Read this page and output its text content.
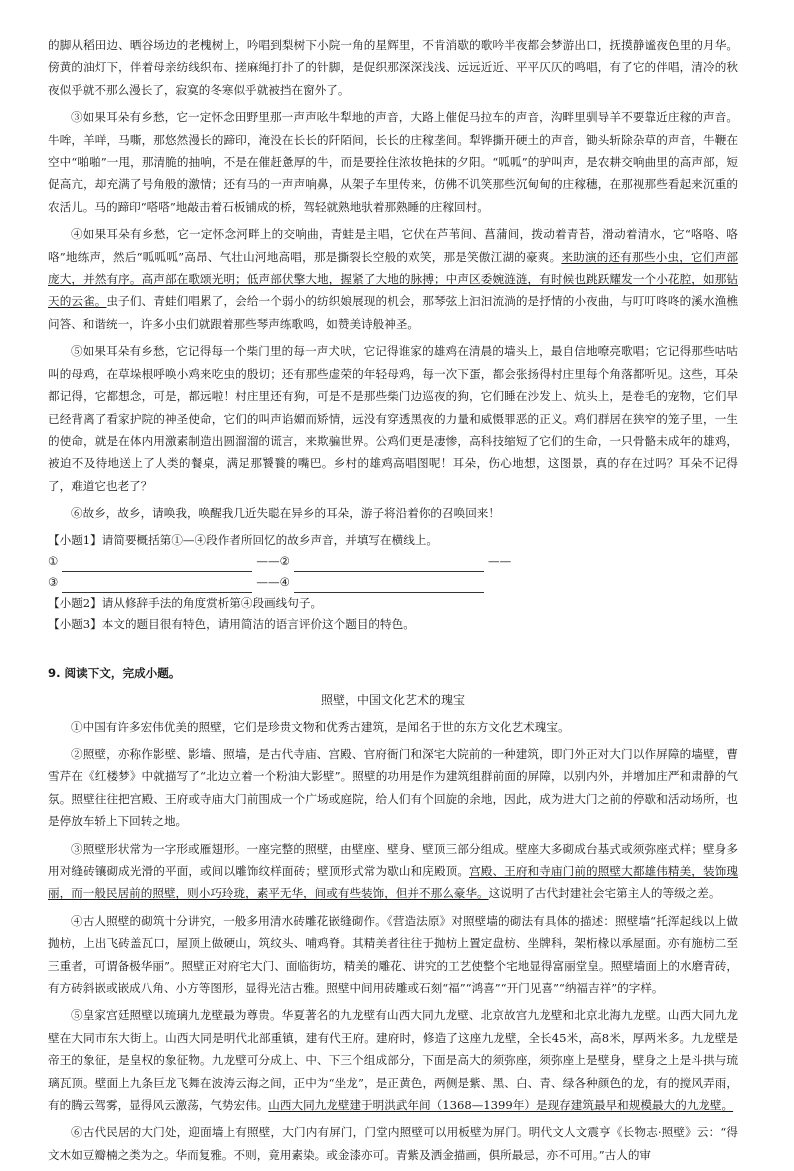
的脚从稻田边、晒谷场边的老槐树上，吟唱到梨树下小院一角的星辉里，不肯消歇的歌吟半夜都会梦游出口，抚摸静谧夜色里的月华。傍黄的油灯下，伴着母亲纺线织布、搓麻绳打扑了的针脚，是促织那深深浅浅、远远近近、平平仄仄的鸣唱，有了它的伴唱，清冷的秋夜似乎就不那么漫长了，寂寞的冬寒似乎就被挡在窗外了。

③如果耳朵有乡愁，它一定怀念田野里那一声声吆牛犁地的声音，大路上催促马拉车的声音，沟畔里驯导羊不要靠近庄稼的声音。牛哞，羊咩，马嘶，那悠然漫长的蹄印，淹没在长长的阡陌间，长长的庄稼垄间。犁铧撕开硬土的声音，锄头斩除杂草的声音，牛鞭在空中“啪啪”一甩，那清脆的抽响，不是在催赶惫厚的牛，而是要拴住浓妆艳抹的夕阳。“呱呱”的驴叫声，是农耕交响曲里的高声部，短促高亢，却充满了号角般的激情；还有马的一声声响鼻，从架子车里传来，仿佛不讥笑那些沉甸甸的庄稼穗，在那视那些看起来沉重的农活儿。马的蹄印“嗒嗒”地敲击着石板铺成的桥，驾轻就熟地驮着那熟睡的庄稼回村。

④如果耳朵有乡愁，它一定怀念河畔上的交响曲，青蛙是主唱，它伏在芦苇间、菖蒲间，拨动着青苔，滑动着清水，它“咯咯、咯咯”地练声，然后“呱呱呱”高昂、气壮山河地高唱，那是撕裂长空般的欢笑，那是笑傲江湖的豪爽。来助演的还有那些小虫，它们声部庞大，并然有序。高声部在歌颂光明；低声部伏擎大地，握紧了大地的脉搏；中声区委婉涟涟，有时候也跳跃耀发一个小花腔，如那钻天的云雀。虫子们、青蛙们唱累了，会给一个弱小的纺织娘展现的机会，那琴弦上汩汩流淌的是抒情的小夜曲，与叮叮咚咚的溪水渔樵问答、和谐统一，许多小虫们就跟着那些琴声练歌鸣，如赞美诗般神圣。

⑤如果耳朵有乡愁，它记得每一个柴门里的每一声犬吠，它记得谁家的雄鸡在清晨的墙头上，最自信地嘹亮歌唱；它记得那些咕咕叫的母鸡，在草垛根呼唤小鸡来吃虫的殷切；还有那些虚荣的年轻母鸡，每一次下蛋，都会张扬得村庄里每个角落都听见。这些，耳朵都记得，它都想念，可是，都远啦！村庄里还有狗，可是不是那些柴门边巡夜的狗，它们睡在沙发上、炕头上，是卷毛的宠物，它们早已经背离了看家护院的神圣使命，它们的叫声谄媚而矫情，远没有穿透黑夜的力量和威慑罪恶的正义。鸡们群居在狭窄的笼子里，一生的使命，就是在体内用激素制造出圆溜溜的谎言，来欺骗世界。公鸡们更是凄惨，高科技缩短了它们的生命，一只骨骼未成年的雄鸡，被迫不及待地送上了人类的餐桌，满足那饕餮的嘴巴。乡村的雄鸡高唱图呢！耳朵，伤心地想，这图景，真的存在过吗？耳朵不记得了，难道它也老了？

⑥故乡，故乡，请唤我，唤醒我几近失聪在异乡的耳朵，游子将沿着你的召唤回来！

【小题1】请简要概括第①—④段作者所回忆的故乡声音，并填写在横线上。

①	——②	——
③	——④

【小题2】请从修辞手法的角度赏析第④段画线句子。

【小题3】本文的题目很有特色，请用简洁的语言评价这个题目的特色。

9. 阅读下文，完成小题。

照壁，中国文化艺术的瑰宝

①中国有许多宏伟优美的照壁，它们是珍贵文物和优秀古建筑，是闻名于世的东方文化艺术瑰宝。

②照壁，亦称作影壁、影墙、照墙，是古代寺庙、宫殿、官府衙门和深宅大院前的一种建筑，即门外正对大门以作屏障的墙壁，曹雪芹在《红楼梦》中就描写了“北边立着一个粉油大影壁”。照壁的功用是作为建筑组群前面的屏障，以别内外，并增加庄严和肃静的气氛。照壁往往把宫殿、王府或寺庙大门前围成一个广场或庭院，给人们有个回旋的余地，因此，成为进大门之前的停歇和活动场所，也是停放车轿上下回转之地。

③照壁形状常为一字形或雁翅形。一座完整的照壁，由壁座、壁身、壁顶三部分组成。壁座大多砌成台基式或须弥座式样；壁身多用对缝砖镶砌成光滑的平面，或间以雕饰纹样面砖；壁顶形式常为歇山和庑殿顶。宫殿、王府和寺庙门前的照壁大都雄伟精美，装饰瑰丽，而一般民居前的照壁，则小巧玲珑，素平无华，间或有些装饰，但并不那么豪华。这说明了古代封建社会宅第主人的等级之差。

④古人照壁的砌筑十分讲究，一般多用清水砖雕花嵌缝砌作。《营造法原》对照壁墙的砌法有具体的描述：照壁墙“托浑起线以上做抛枋，上出飞砖盖瓦口，屋顶上做硬山，筑纹头、哺鸡脊。其精美者往往于抛枋上置定盘枋、坐牌科，架桁椽以承屋面。亦有施枋二至三重者，可谓备极华丽”。照壁正对府宅大门、面临街坊，精美的雕花、讲究的工艺使整个宅地显得富丽堂皇。照壁墙面上的水磨青砖，有方砖斜嵌或嵌成八角、小方等图形，显得光洁古雅。照壁中间用砖雕或石刻“福”“鸿喜”“开门见喜”“纳福吉祥”的字样。

⑤皇家宫廷照壁以琉璃九龙壁最为尊贵。华夏著名的九龙壁有山西大同九龙壁、北京故宫九龙壁和北京北海九龙壁。山西大同九龙壁在大同市东大街上。山西大同是明代北部重镇，建有代王府。建府时，修造了这座九龙壁，全长45米，高8米，厚两米多。九龙壁是帝王的象征，是皇权的象征物。九龙壁可分成上、中、下三个组成部分，下面是高大的须弥座，须弥座上是壁身，壁身之上是斗拱与琉璃瓦顶。壁面上九条巨龙飞舞在波涛云海之间，正中为“坐龙”，是正黄色，两侧是紫、黑、白、青、绿各种颜色的龙，有的搅风弄雨，有的腾云驾雾，显得风云激荡，气势宏伟。山西大同九龙壁建于明洪武年间（1368—1399年）是现存建筑最早和规模最大的九龙壁。

⑥古代民居的大门处，迎面墙上有照壁，大门内有屏门，门堂内照壁可以用板壁为屏门。明代文人文震亨《长物志·照壁》云：“得文木如豆瓣楠之类为之。华而复雅。不则，竟用素染。或金漆亦可。青紫及洒金描画，俱所最忌，亦不可用。”古人的审
